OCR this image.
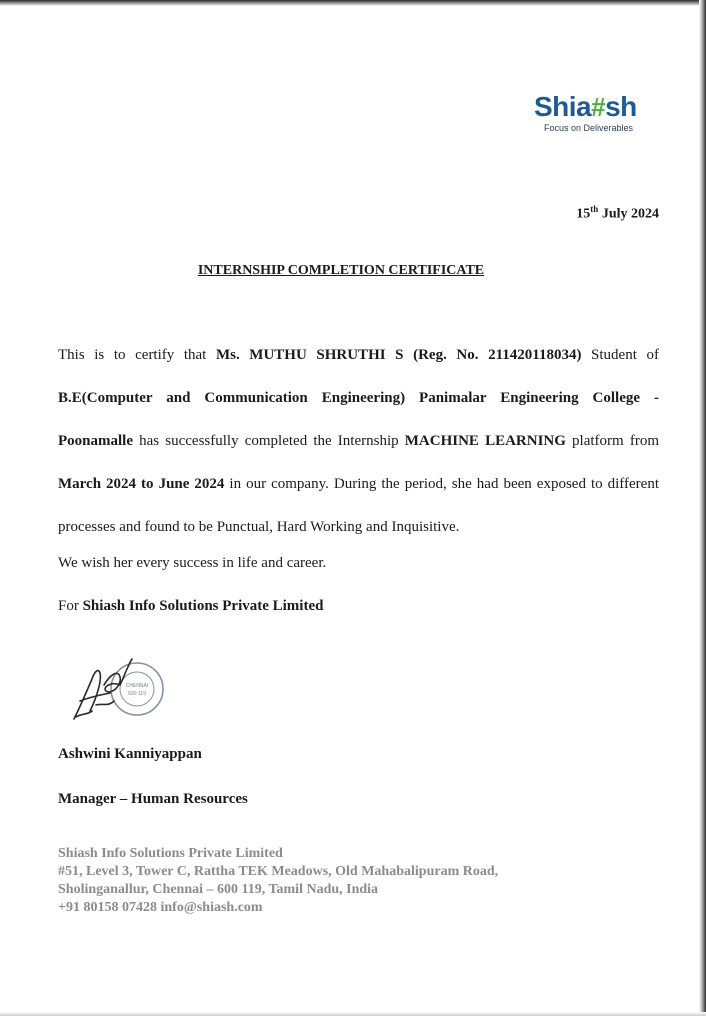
Shia#sh
Focus on Deliverables
15th July 2024
INTERNSHIP COMPLETION CERTIFICATE
This is to certify that Ms. MUTHU SHRUTHI S (Reg. No. 211420118034) Student of B.E(Computer and Communication Engineering) Panimalar Engineering College - Poonamalle has successfully completed the Internship MACHINE LEARNING platform from March 2024 to June 2024 in our company. During the period, she had been exposed to different processes and found to be Punctual, Hard Working and Inquisitive.
We wish her every success in life and career.
For Shiash Info Solutions Private Limited
CHENNAI
600 119
Ashwini Kanniyappan
Manager – Human Resources
Shiash Info Solutions Private Limited
#51, Level 3, Tower C, Rattha TEK Meadows, Old Mahabalipuram Road,
Sholinganallur, Chennai – 600 119, Tamil Nadu, India
+91 80158 07428 info@shiash.com
